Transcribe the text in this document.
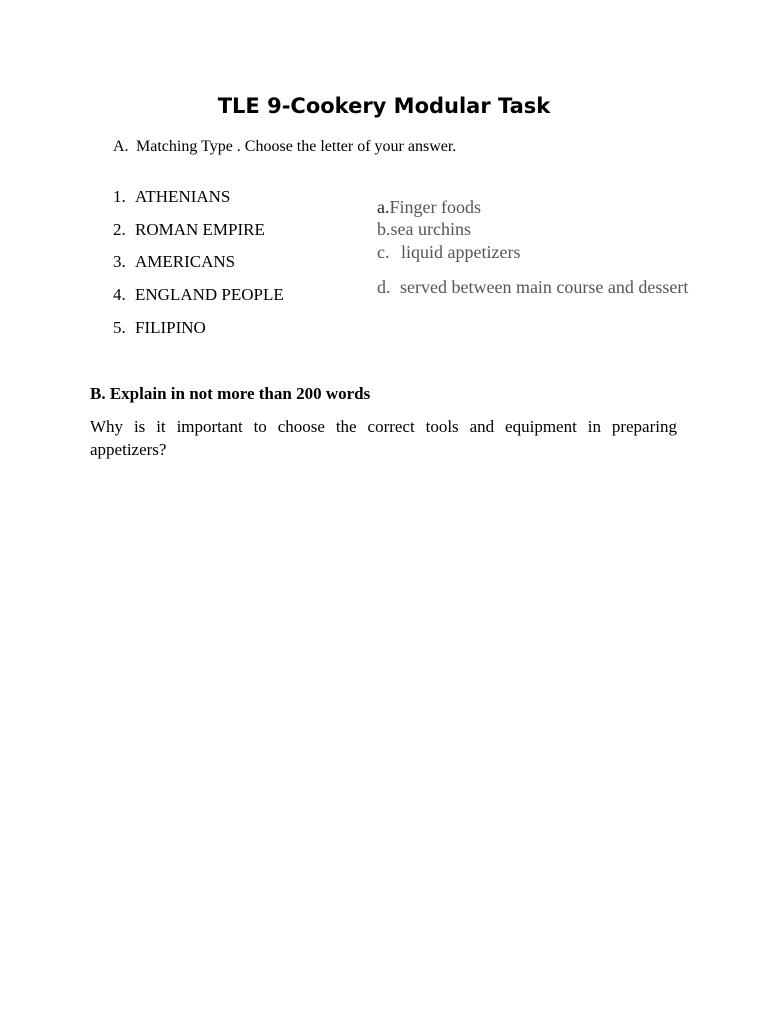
TLE 9-Cookery Modular Task
A. Matching Type . Choose the letter of your answer.
1. ATHENIANS
2. ROMAN EMPIRE
3. AMERICANS
4. ENGLAND PEOPLE
5. FILIPINO
a.Finger foods
b.sea urchins
c. liquid appetizers
d. served between main course and dessert
B. Explain in not more than 200 words
Why is it important to choose the correct tools and equipment in preparing appetizers?
